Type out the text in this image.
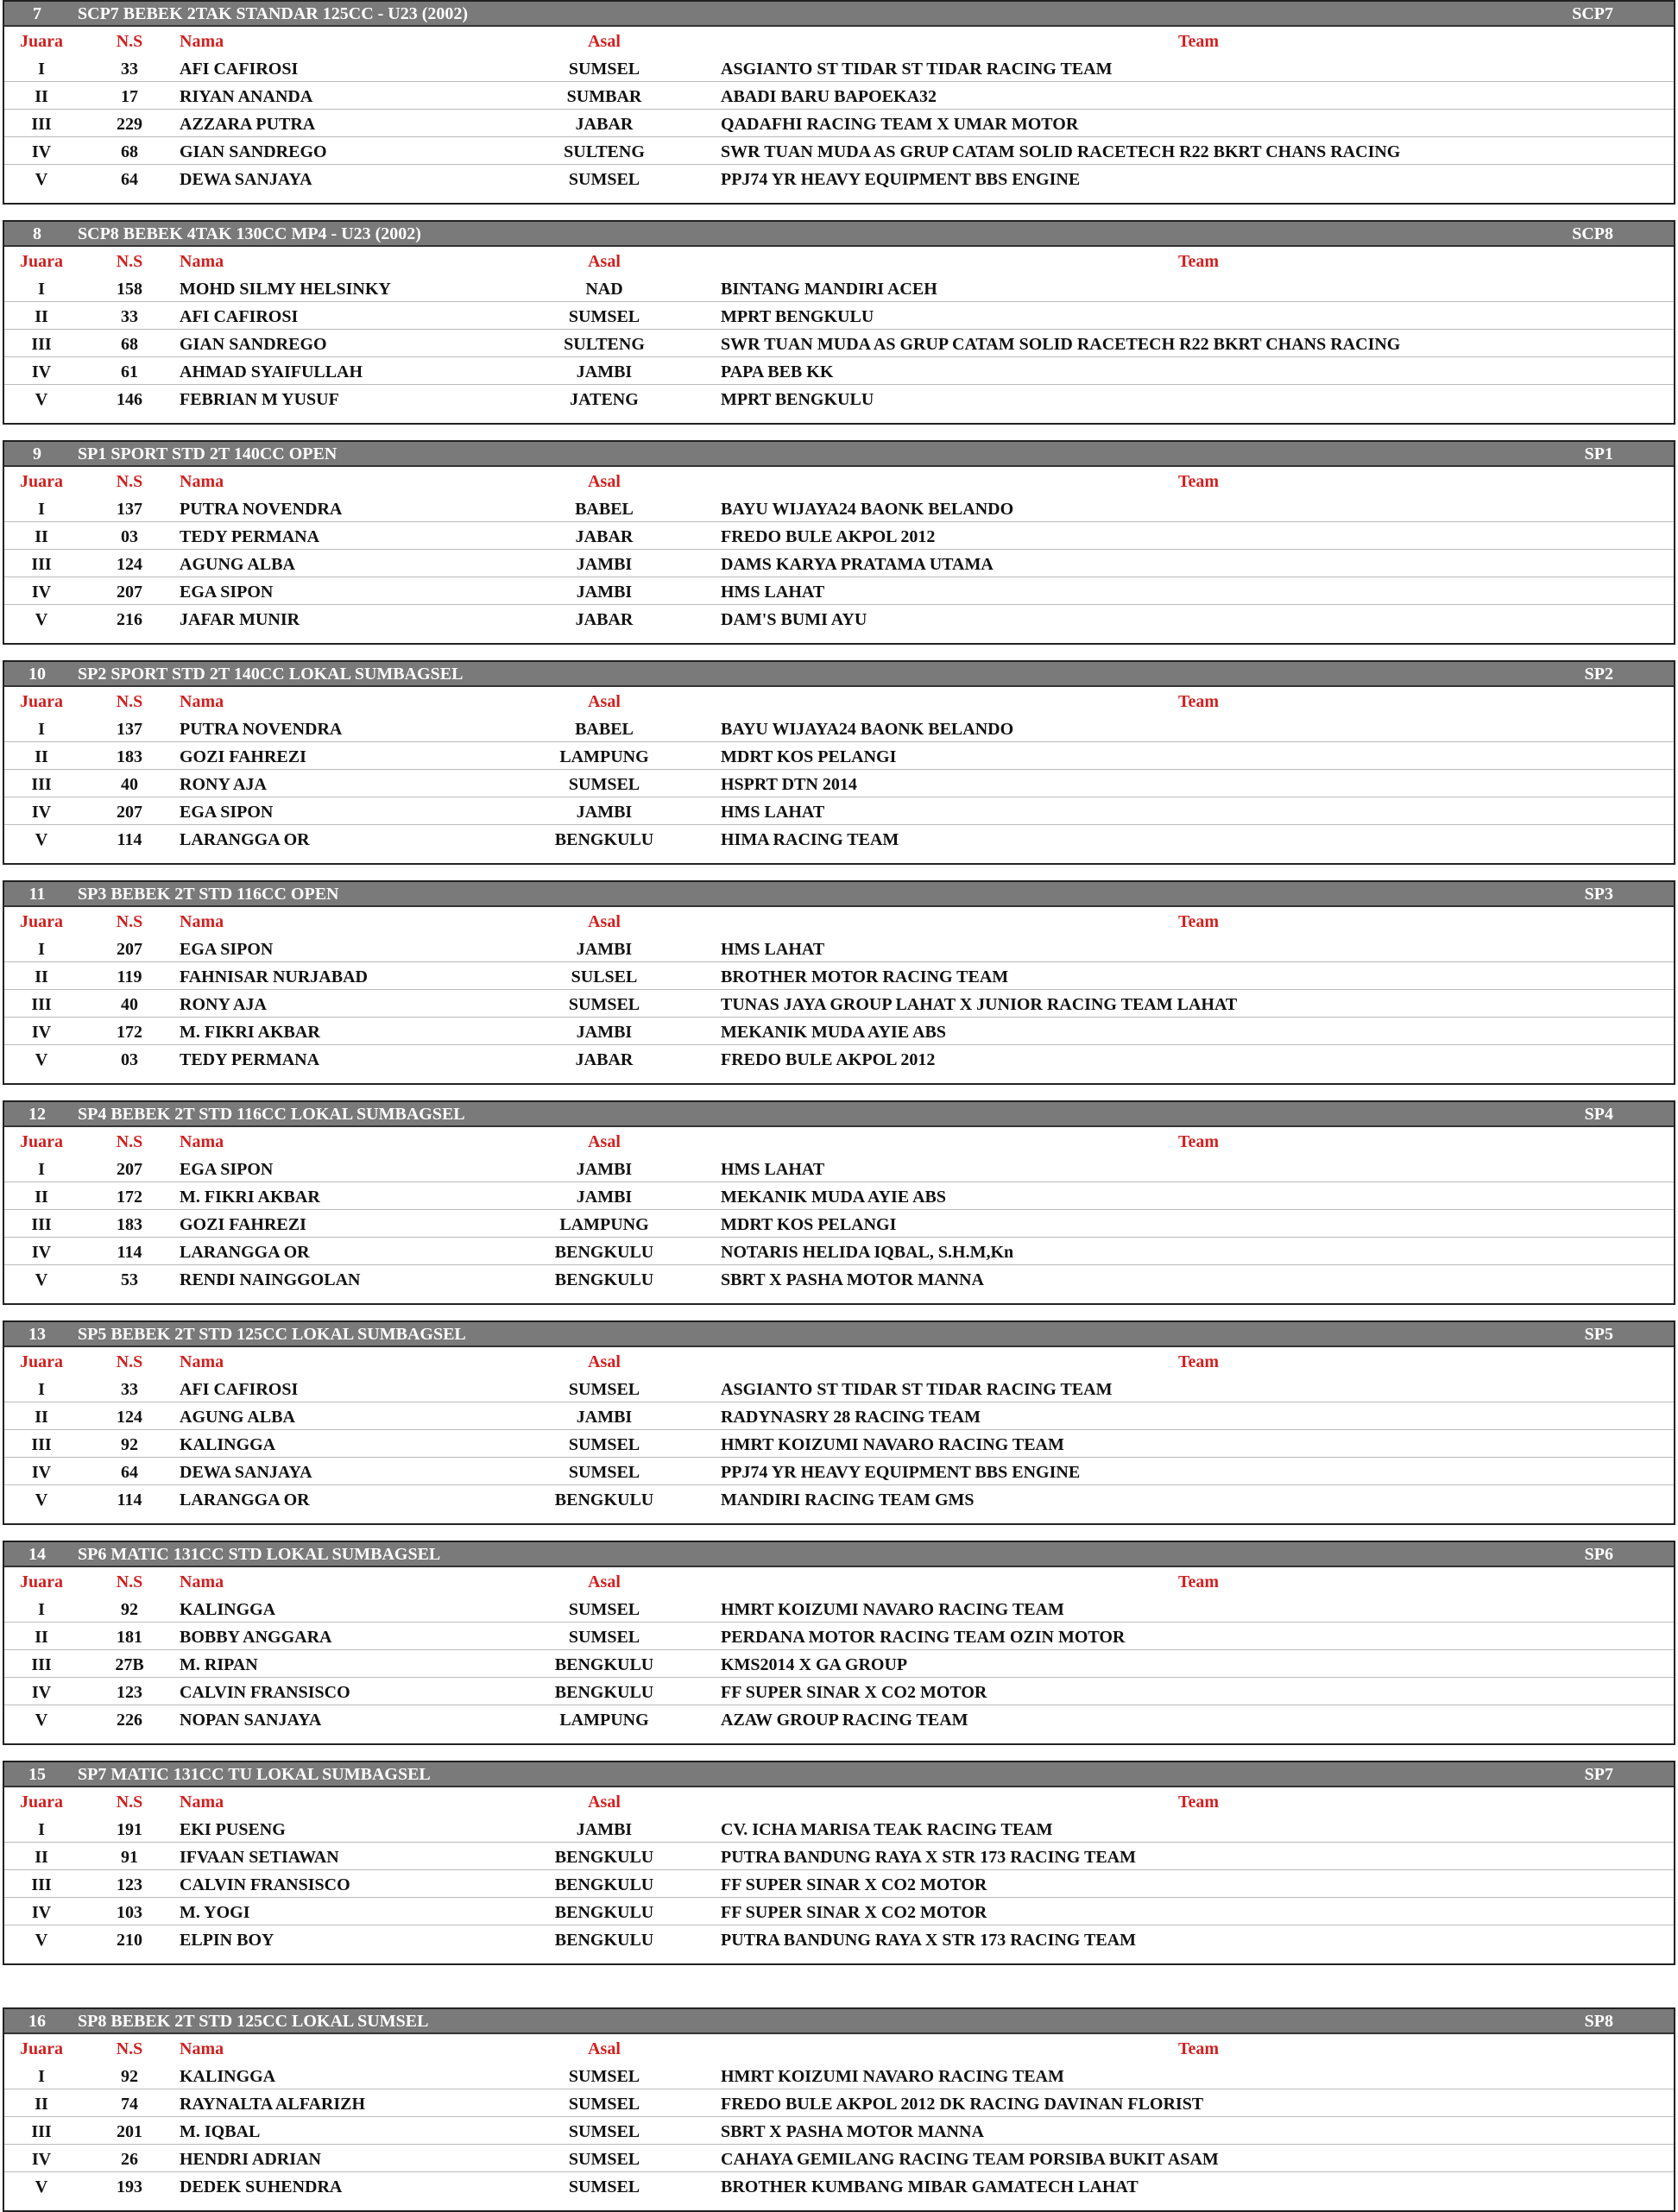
7	SCP7 BEBEK 2TAK STANDAR 125CC - U23 (2002)	SCP7
Juara	N.S	Nama	Asal	Team
I	33	AFI CAFIROSI	SUMSEL	ASGIANTO ST TIDAR ST TIDAR RACING TEAM
II	17	RIYAN ANANDA	SUMBAR	ABADI BARU BAPOEKA32
III	229	AZZARA PUTRA	JABAR	QADAFHI RACING TEAM X UMAR MOTOR
IV	68	GIAN SANDREGO	SULTENG	SWR TUAN MUDA AS GRUP CATAM SOLID RACETECH R22 BKRT CHANS RACING
V	64	DEWA SANJAYA	SUMSEL	PPJ74 YR HEAVY EQUIPMENT BBS ENGINE
8	SCP8 BEBEK 4TAK 130CC MP4 - U23 (2002)	SCP8
Juara	N.S	Nama	Asal	Team
I	158	MOHD SILMY HELSINKY	NAD	BINTANG MANDIRI ACEH
II	33	AFI CAFIROSI	SUMSEL	MPRT BENGKULU
III	68	GIAN SANDREGO	SULTENG	SWR TUAN MUDA AS GRUP CATAM SOLID RACETECH R22 BKRT CHANS RACING
IV	61	AHMAD SYAIFULLAH	JAMBI	PAPA BEB KK
V	146	FEBRIAN M YUSUF	JATENG	MPRT BENGKULU
9	SP1 SPORT STD 2T 140CC OPEN	SP1
Juara	N.S	Nama	Asal	Team
I	137	PUTRA NOVENDRA	BABEL	BAYU WIJAYA24 BAONK BELANDO
II	03	TEDY PERMANA	JABAR	FREDO BULE AKPOL 2012
III	124	AGUNG ALBA	JAMBI	DAMS KARYA PRATAMA UTAMA
IV	207	EGA SIPON	JAMBI	HMS LAHAT
V	216	JAFAR MUNIR	JABAR	DAM'S BUMI AYU
10	SP2 SPORT STD 2T 140CC LOKAL SUMBAGSEL	SP2
Juara	N.S	Nama	Asal	Team
I	137	PUTRA NOVENDRA	BABEL	BAYU WIJAYA24 BAONK BELANDO
II	183	GOZI FAHREZI	LAMPUNG	MDRT KOS PELANGI
III	40	RONY AJA	SUMSEL	HSPRT DTN 2014
IV	207	EGA SIPON	JAMBI	HMS LAHAT
V	114	LARANGGA OR	BENGKULU	HIMA RACING TEAM
11	SP3 BEBEK 2T STD 116CC OPEN	SP3
Juara	N.S	Nama	Asal	Team
I	207	EGA SIPON	JAMBI	HMS LAHAT
II	119	FAHNISAR NURJABAD	SULSEL	BROTHER MOTOR RACING TEAM
III	40	RONY AJA	SUMSEL	TUNAS JAYA GROUP LAHAT X JUNIOR RACING TEAM LAHAT
IV	172	M. FIKRI AKBAR	JAMBI	MEKANIK MUDA AYIE ABS
V	03	TEDY PERMANA	JABAR	FREDO BULE AKPOL 2012
12	SP4 BEBEK 2T STD 116CC LOKAL SUMBAGSEL	SP4
Juara	N.S	Nama	Asal	Team
I	207	EGA SIPON	JAMBI	HMS LAHAT
II	172	M. FIKRI AKBAR	JAMBI	MEKANIK MUDA AYIE ABS
III	183	GOZI FAHREZI	LAMPUNG	MDRT KOS PELANGI
IV	114	LARANGGA OR	BENGKULU	NOTARIS HELIDA IQBAL, S.H.M,Kn
V	53	RENDI NAINGGOLAN	BENGKULU	SBRT X PASHA MOTOR MANNA
13	SP5 BEBEK 2T STD 125CC LOKAL SUMBAGSEL	SP5
Juara	N.S	Nama	Asal	Team
I	33	AFI CAFIROSI	SUMSEL	ASGIANTO ST TIDAR ST TIDAR RACING TEAM
II	124	AGUNG ALBA	JAMBI	RADYNASRY 28 RACING TEAM
III	92	KALINGGA	SUMSEL	HMRT KOIZUMI NAVARO RACING TEAM
IV	64	DEWA SANJAYA	SUMSEL	PPJ74 YR HEAVY EQUIPMENT BBS ENGINE
V	114	LARANGGA OR	BENGKULU	MANDIRI RACING TEAM GMS
14	SP6 MATIC 131CC STD LOKAL SUMBAGSEL	SP6
Juara	N.S	Nama	Asal	Team
I	92	KALINGGA	SUMSEL	HMRT KOIZUMI NAVARO RACING TEAM
II	181	BOBBY ANGGARA	SUMSEL	PERDANA MOTOR RACING TEAM OZIN MOTOR
III	27B	M. RIPAN	BENGKULU	KMS2014 X GA GROUP
IV	123	CALVIN FRANSISCO	BENGKULU	FF SUPER SINAR X CO2 MOTOR
V	226	NOPAN SANJAYA	LAMPUNG	AZAW GROUP RACING TEAM
15	SP7 MATIC 131CC TU LOKAL SUMBAGSEL	SP7
Juara	N.S	Nama	Asal	Team
I	191	EKI PUSENG	JAMBI	CV. ICHA MARISA TEAK RACING TEAM
II	91	IFVAAN SETIAWAN	BENGKULU	PUTRA BANDUNG RAYA X STR 173 RACING TEAM
III	123	CALVIN FRANSISCO	BENGKULU	FF SUPER SINAR X CO2 MOTOR
IV	103	M. YOGI	BENGKULU	FF SUPER SINAR X CO2 MOTOR
V	210	ELPIN BOY	BENGKULU	PUTRA BANDUNG RAYA X STR 173 RACING TEAM
16	SP8 BEBEK 2T STD 125CC LOKAL SUMSEL	SP8
Juara	N.S	Nama	Asal	Team
I	92	KALINGGA	SUMSEL	HMRT KOIZUMI NAVARO RACING TEAM
II	74	RAYNALTA ALFARIZH	SUMSEL	FREDO BULE AKPOL 2012 DK RACING DAVINAN FLORIST
III	201	M. IQBAL	SUMSEL	SBRT X PASHA MOTOR MANNA
IV	26	HENDRI ADRIAN	SUMSEL	CAHAYA GEMILANG RACING TEAM PORSIBA BUKIT ASAM
V	193	DEDEK SUHENDRA	SUMSEL	BROTHER KUMBANG MIBAR GAMATECH LAHAT
